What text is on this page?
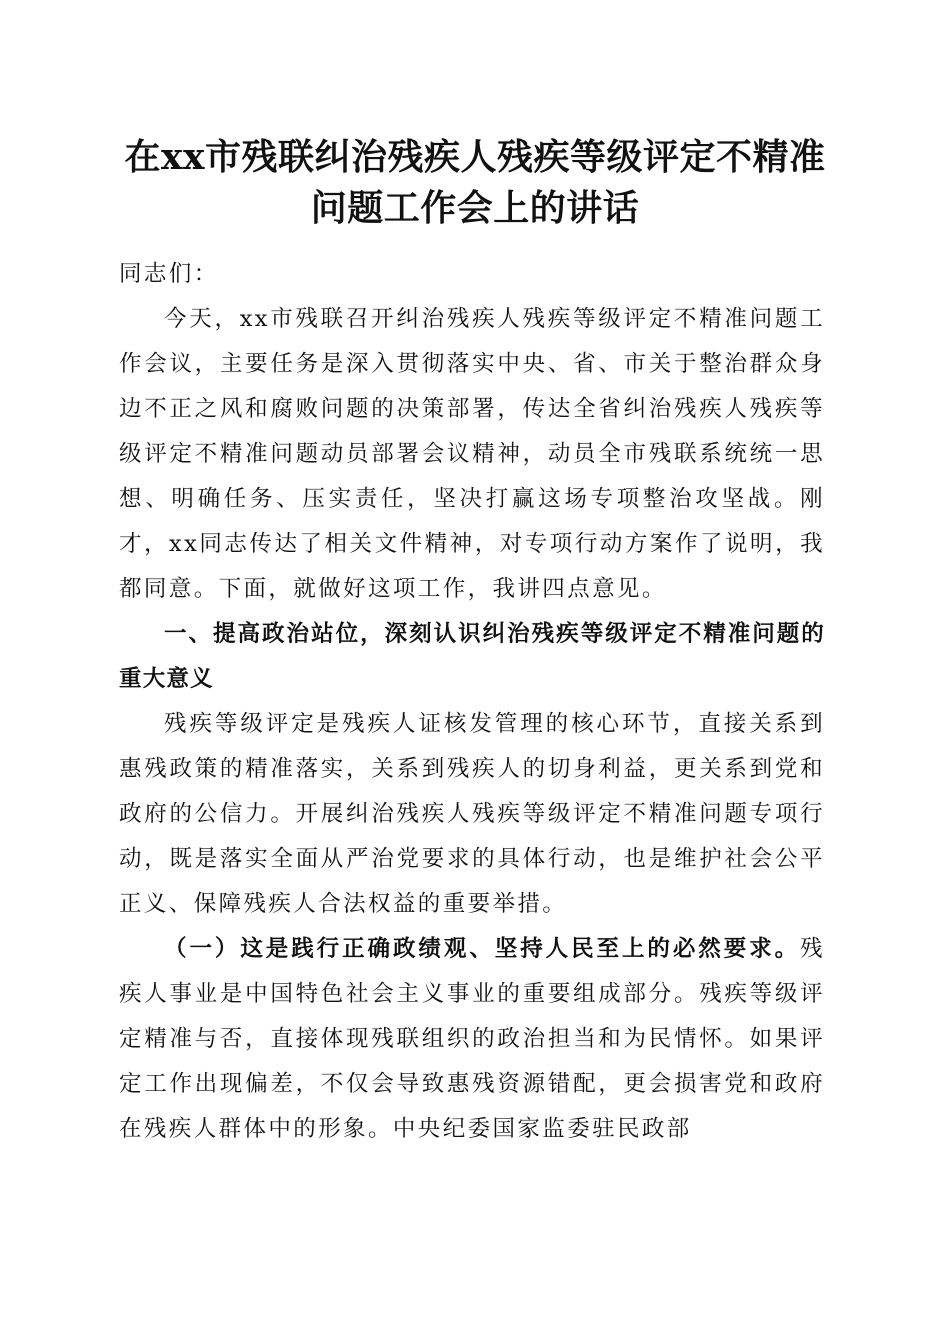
在xx市残联纠治残疾人残疾等级评定不精准
问题工作会上的讲话

同志们：

今天，xx市残联召开纠治残疾人残疾等级评定不精准问题工作会议，主要任务是深入贯彻落实中央、省、市关于整治群众身边不正之风和腐败问题的决策部署，传达全省纠治残疾人残疾等级评定不精准问题动员部署会议精神，动员全市残联系统统一思想、明确任务、压实责任，坚决打赢这场专项整治攻坚战。刚才，xx同志传达了相关文件精神，对专项行动方案作了说明，我都同意。下面，就做好这项工作，我讲四点意见。

一、提高政治站位，深刻认识纠治残疾等级评定不精准问题的重大意义

残疾等级评定是残疾人证核发管理的核心环节，直接关系到惠残政策的精准落实，关系到残疾人的切身利益，更关系到党和政府的公信力。开展纠治残疾人残疾等级评定不精准问题专项行动，既是落实全面从严治党要求的具体行动，也是维护社会公平正义、保障残疾人合法权益的重要举措。

（一）这是践行正确政绩观、坚持人民至上的必然要求。残疾人事业是中国特色社会主义事业的重要组成部分。残疾等级评定精准与否，直接体现残联组织的政治担当和为民情怀。如果评定工作出现偏差，不仅会导致惠残资源错配，更会损害党和政府在残疾人群体中的形象。中央纪委国家监委驻民政部
